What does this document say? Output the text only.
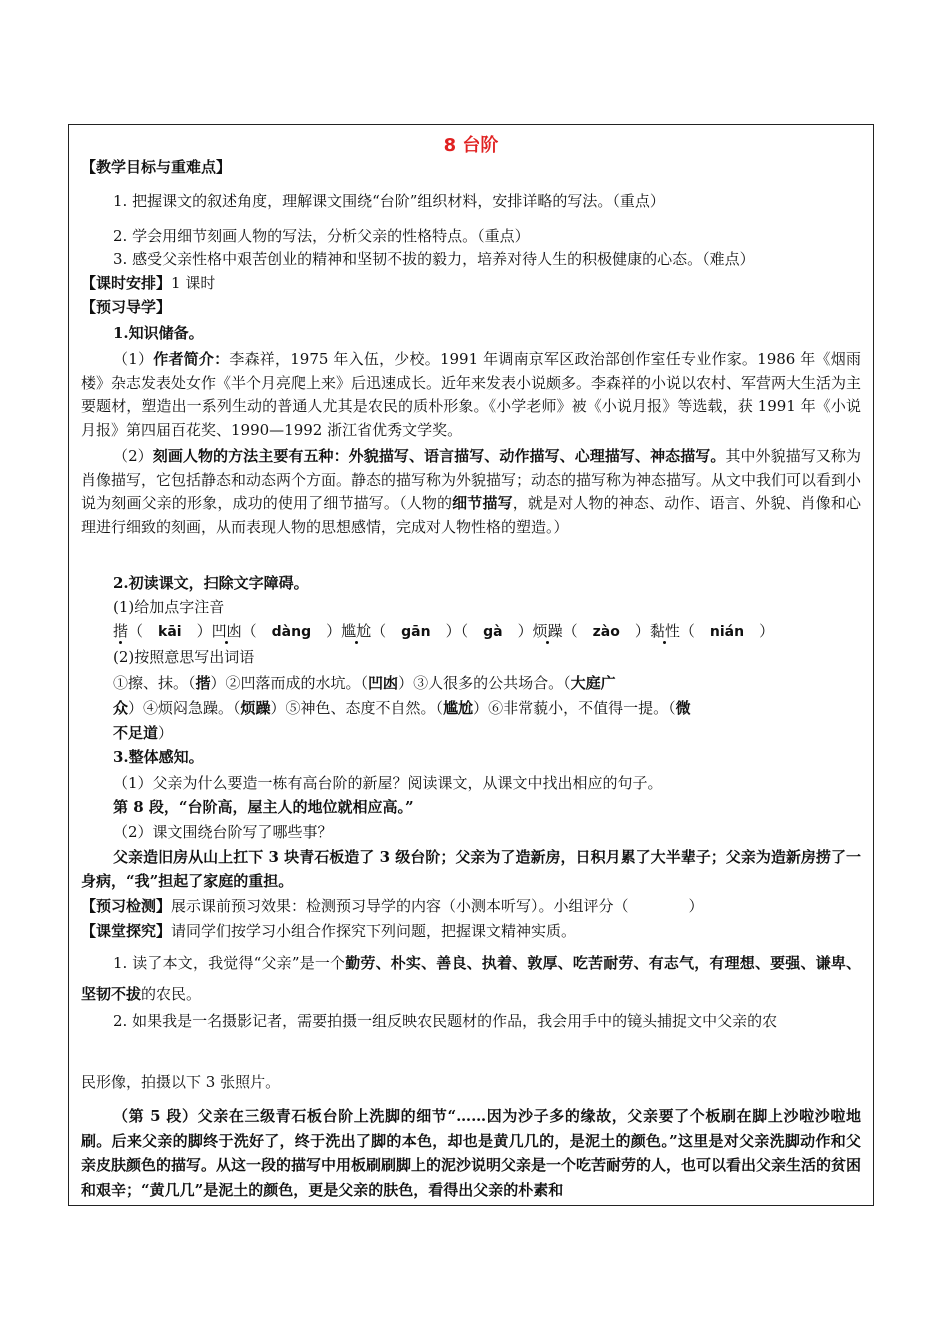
8 台阶
【教学目标与重难点】
1. 把握课文的叙述角度，理解课文围绕“台阶”组织材料，安排详略的写法。（重点）
2. 学会用细节刻画人物的写法，分析父亲的性格特点。（重点）
3. 感受父亲性格中艰苦创业的精神和坚韧不拔的毅力，培养对待人生的积极健康的心态。（难点）
【课时安排】1 课时
【预习导学】
1.知识储备。
（1）作者简介：李森祥，1975 年入伍，少校。1991 年调南京军区政治部创作室任专业作家。1986 年《烟雨楼》杂志发表处女作《半个月亮爬上来》后迅速成长。近年来发表小说颇多。李森祥的小说以农村、军营两大生活为主要题材，塑造出一系列生动的普通人尤其是农民的质朴形象。《小学老师》被《小说月报》等选载，获 1991 年《小说月报》第四届百花奖、1990—1992 浙江省优秀文学奖。
（2）刻画人物的方法主要有五种：外貌描写、语言描写、动作描写、心理描写、神态描写。其中外貌描写又称为肖像描写，它包括静态和动态两个方面。静态的描写称为外貌描写；动态的描写称为神态描写。从文中我们可以看到小说为刻画父亲的形象，成功的使用了细节描写。（人物的细节描写，就是对人物的神态、动作、语言、外貌、肖像和心理进行细致的刻画，从而表现人物的思想感情，完成对人物性格的塑造。）
2.初读课文，扫除文字障碍。
(1)给加点字注音
揩（　kāi　）凹凼（　dàng　）尴尬（　gān　）（　gà　）烦躁（　zào　）黏性（　nián　）
(2)按照意思写出词语
①擦、抹。（揩）②凹落而成的水坑。（凹凼）③人很多的公共场合。（大庭广
众）④烦闷急躁。（烦躁）⑤神色、态度不自然。（尴尬）⑥非常藐小，不值得一提。（微
不足道）
3.整体感知。
（1）父亲为什么要造一栋有高台阶的新屋？阅读课文，从课文中找出相应的句子。
第 8 段，“台阶高，屋主人的地位就相应高。”
（2）课文围绕台阶写了哪些事？
父亲造旧房从山上扛下 3 块青石板造了 3 级台阶；父亲为了造新房，日积月累了大半辈子；父亲为造新房捞了一身病，“我”担起了家庭的重担。
【预习检测】展示课前预习效果：检测预习导学的内容（小测本听写）。小组评分（　　　　）
【课堂探究】请同学们按学习小组合作探究下列问题，把握课文精神实质。
1. 读了本文，我觉得“父亲”是一个勤劳、朴实、善良、执着、敦厚、吃苦耐劳、有志气，有理想、要强、谦卑、坚韧不拔的农民。
2. 如果我是一名摄影记者，需要拍摄一组反映农民题材的作品，我会用手中的镜头捕捉文中父亲的农
民形像，拍摄以下 3 张照片。
（第 5 段）父亲在三级青石板台阶上洗脚的细节“……因为沙子多的缘故，父亲要了个板刷在脚上沙啦沙啦地刷。后来父亲的脚终于洗好了，终于洗出了脚的本色，却也是黄几几的，是泥土的颜色。”这里是对父亲洗脚动作和父亲皮肤颜色的描写。从这一段的描写中用板刷刷脚上的泥沙说明父亲是一个吃苦耐劳的人，也可以看出父亲生活的贫困和艰辛；“黄几几”是泥土的颜色，更是父亲的肤色，看得出父亲的朴素和
